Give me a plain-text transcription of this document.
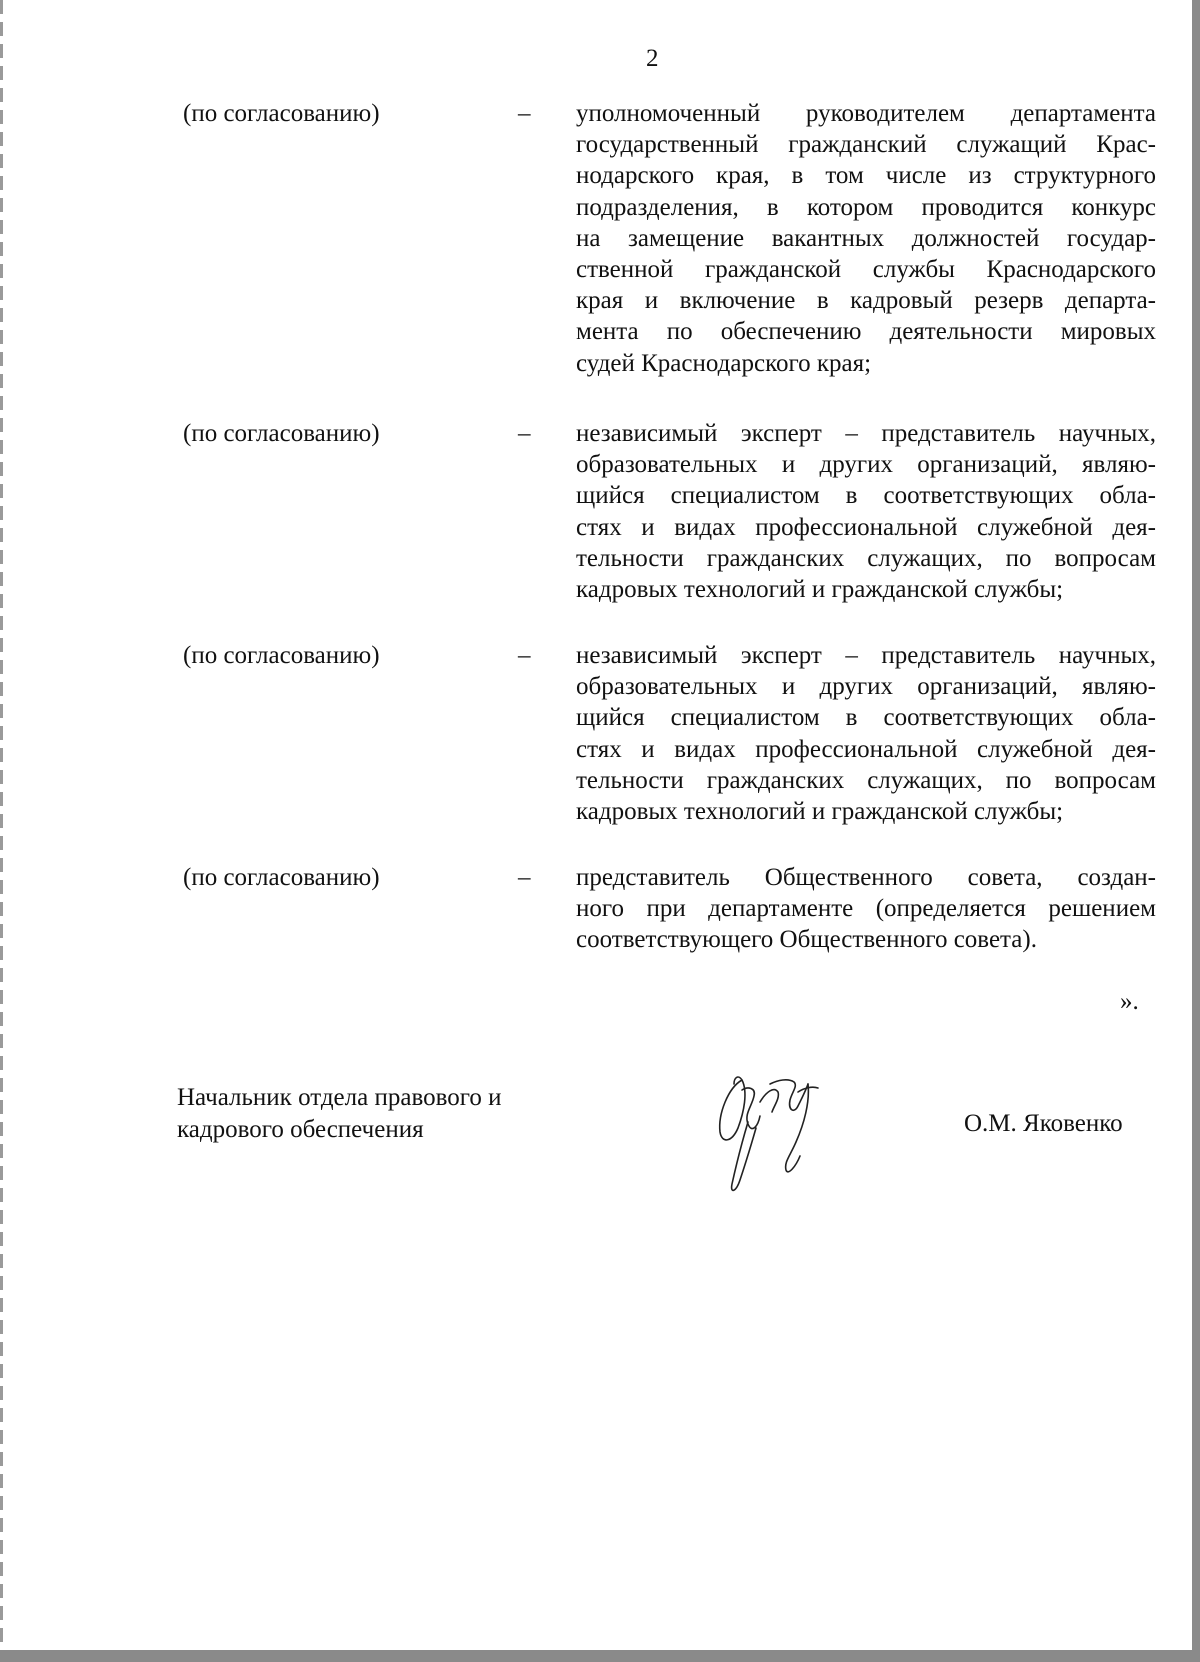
2
(по согласованию)	– уполномоченный руководителем департамента
государственный гражданский служащий Крас-
нодарского края, в том числе из структурного
подразделения, в котором проводится конкурс
на замещение вакантных должностей государ-
ственной гражданской службы Краснодарского
края и включение в кадровый резерв департа-
мента по обеспечению деятельности мировых
судей Краснодарского края;
(по согласованию)	– независимый эксперт – представитель научных,
образовательных и других организаций, являю-
щийся специалистом в соответствующих обла-
стях и видах профессиональной служебной дея-
тельности гражданских служащих, по вопросам
кадровых технологий и гражданской службы;
(по согласованию)	– независимый эксперт – представитель научных,
образовательных и других организаций, являю-
щийся специалистом в соответствующих обла-
стях и видах профессиональной служебной дея-
тельности гражданских служащих, по вопросам
кадровых технологий и гражданской службы;
(по согласованию)	– представитель Общественного совета, создан-
ного при департаменте (определяется решением
соответствующего Общественного совета).
».
Начальник отдела правового и
кадрового обеспечения	О.М. Яковенко
